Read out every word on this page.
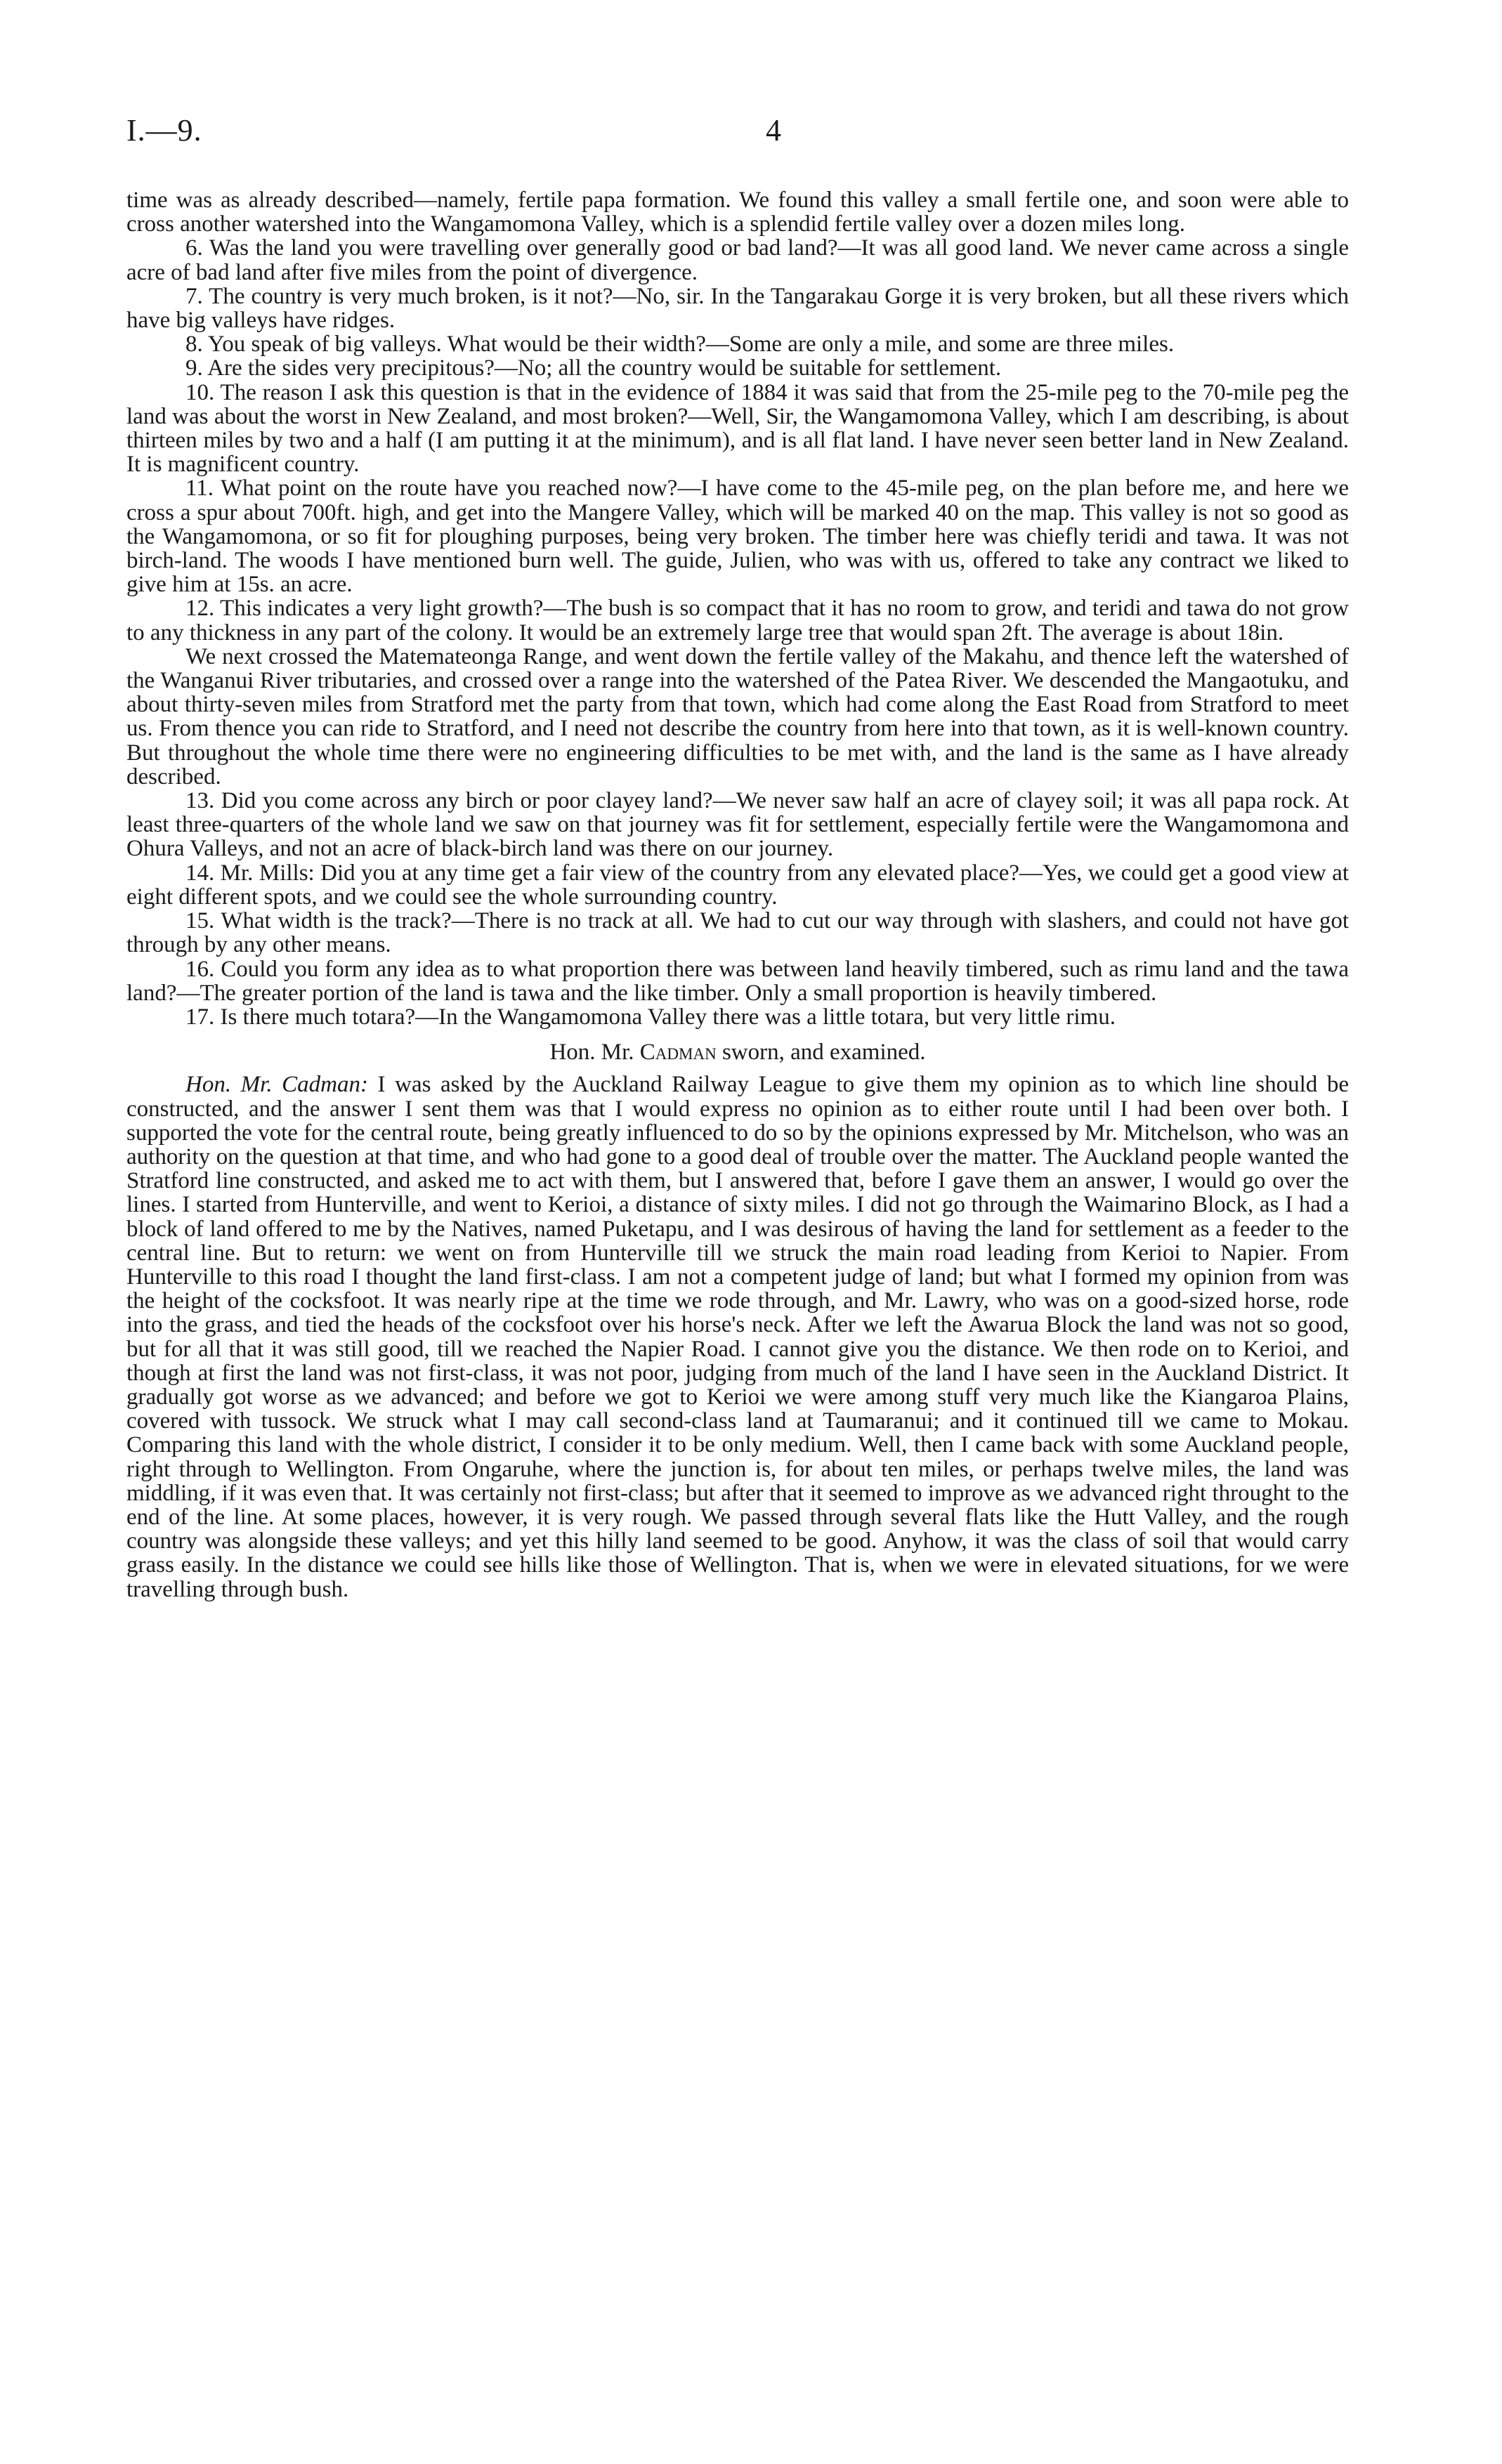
I.—9.	4

time was as already described—namely, fertile papa formation. We found this valley a small fertile one, and soon were able to cross another watershed into the Wangamomona Valley, which is a splendid fertile valley over a dozen miles long.

6. Was the land you were travelling over generally good or bad land?—It was all good land. We never came across a single acre of bad land after five miles from the point of divergence.

7. The country is very much broken, is it not?—No, sir. In the Tangarakau Gorge it is very broken, but all these rivers which have big valleys have ridges.

8. You speak of big valleys. What would be their width?—Some are only a mile, and some are three miles.

9. Are the sides very precipitous?—No; all the country would be suitable for settlement.

10. The reason I ask this question is that in the evidence of 1884 it was said that from the 25-mile peg to the 70-mile peg the land was about the worst in New Zealand, and most broken?—Well, Sir, the Wangamomona Valley, which I am describing, is about thirteen miles by two and a half (I am putting it at the minimum), and is all flat land. I have never seen better land in New Zealand. It is magnificent country.

11. What point on the route have you reached now?—I have come to the 45-mile peg, on the plan before me, and here we cross a spur about 700ft. high, and get into the Mangere Valley, which will be marked 40 on the map. This valley is not so good as the Wangamomona, or so fit for ploughing purposes, being very broken. The timber here was chiefly teridi and tawa. It was not birch-land. The woods I have mentioned burn well. The guide, Julien, who was with us, offered to take any contract we liked to give him at 15s. an acre.

12. This indicates a very light growth?—The bush is so compact that it has no room to grow, and teridi and tawa do not grow to any thickness in any part of the colony. It would be an extremely large tree that would span 2ft. The average is about 18in.

We next crossed the Matemateonga Range, and went down the fertile valley of the Makahu, and thence left the watershed of the Wanganui River tributaries, and crossed over a range into the watershed of the Patea River. We descended the Mangaotuku, and about thirty-seven miles from Stratford met the party from that town, which had come along the East Road from Stratford to meet us. From thence you can ride to Stratford, and I need not describe the country from here into that town, as it is well-known country. But throughout the whole time there were no engineering difficulties to be met with, and the land is the same as I have already described.

13. Did you come across any birch or poor clayey land?—We never saw half an acre of clayey soil; it was all papa rock. At least three-quarters of the whole land we saw on that journey was fit for settlement, especially fertile were the Wangamomona and Ohura Valleys, and not an acre of black-birch land was there on our journey.

14. Mr. Mills: Did you at any time get a fair view of the country from any elevated place?—Yes, we could get a good view at eight different spots, and we could see the whole surrounding country.

15. What width is the track?—There is no track at all. We had to cut our way through with slashers, and could not have got through by any other means.

16. Could you form any idea as to what proportion there was between land heavily timbered, such as rimu land and the tawa land?—The greater portion of the land is tawa and the like timber. Only a small proportion is heavily timbered.

17. Is there much totara?—In the Wangamomona Valley there was a little totara, but very little rimu.

Hon. Mr. Cadman sworn, and examined.

Hon. Mr. Cadman: I was asked by the Auckland Railway League to give them my opinion as to which line should be constructed, and the answer I sent them was that I would express no opinion as to either route until I had been over both. I supported the vote for the central route, being greatly influenced to do so by the opinions expressed by Mr. Mitchelson, who was an authority on the question at that time, and who had gone to a good deal of trouble over the matter. The Auckland people wanted the Stratford line constructed, and asked me to act with them, but I answered that, before I gave them an answer, I would go over the lines. I started from Hunterville, and went to Kerioi, a distance of sixty miles. I did not go through the Waimarino Block, as I had a block of land offered to me by the Natives, named Puketapu, and I was desirous of having the land for settlement as a feeder to the central line. But to return: we went on from Hunterville till we struck the main road leading from Kerioi to Napier. From Hunterville to this road I thought the land first-class. I am not a competent judge of land; but what I formed my opinion from was the height of the cocksfoot. It was nearly ripe at the time we rode through, and Mr. Lawry, who was on a good-sized horse, rode into the grass, and tied the heads of the cocksfoot over his horse's neck. After we left the Awarua Block the land was not so good, but for all that it was still good, till we reached the Napier Road. I cannot give you the distance. We then rode on to Kerioi, and though at first the land was not first-class, it was not poor, judging from much of the land I have seen in the Auckland District. It gradually got worse as we advanced; and before we got to Kerioi we were among stuff very much like the Kiangaroa Plains, covered with tussock. We struck what I may call second-class land at Taumaranui; and it continued till we came to Mokau. Comparing this land with the whole district, I consider it to be only medium. Well, then I came back with some Auckland people, right through to Wellington. From Ongaruhe, where the junction is, for about ten miles, or perhaps twelve miles, the land was middling, if it was even that. It was certainly not first-class; but after that it seemed to improve as we advanced right throught to the end of the line. At some places, however, it is very rough. We passed through several flats like the Hutt Valley, and the rough country was alongside these valleys; and yet this hilly land seemed to be good. Anyhow, it was the class of soil that would carry grass easily. In the distance we could see hills like those of Wellington. That is, when we were in elevated situations, for we were travelling through bush.
